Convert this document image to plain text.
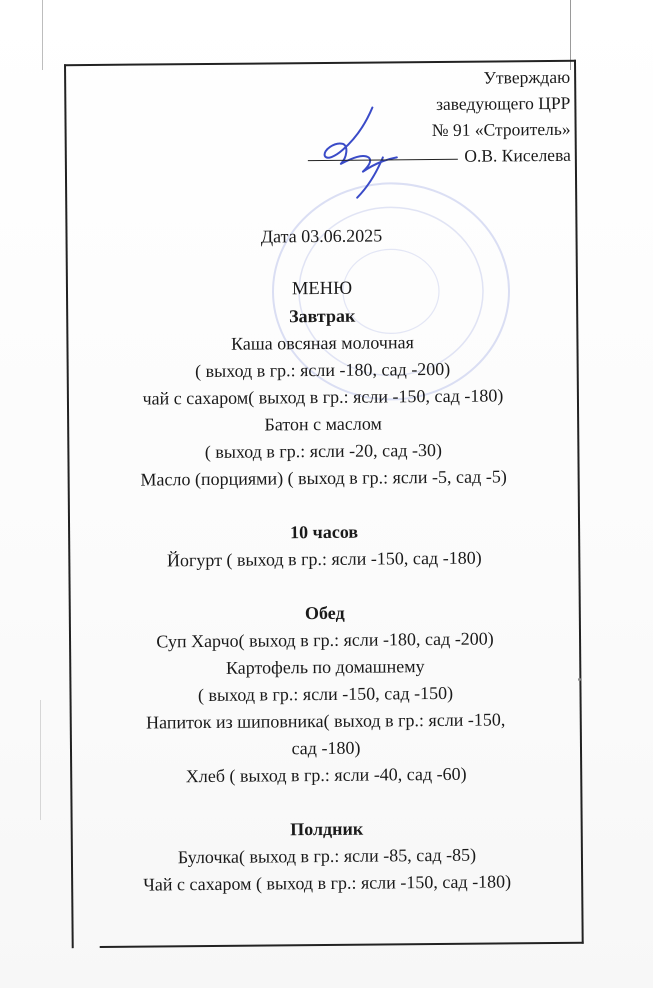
Утверждаю
заведующего ЦРР
№ 91 «Строитель»
О.В. Киселева
Дата 03.06.2025
МЕНЮ
Завтрак
Каша овсяная молочная
( выход в гр.: ясли -180, сад -200)
чай с сахаром( выход в гр.: ясли -150, сад -180)
Батон с маслом
( выход в гр.: ясли -20, сад -30)
Масло (порциями) ( выход в гр.: ясли -5, сад -5)
10 часов
Йогурт ( выход в гр.: ясли -150, сад -180)
Обед
Суп Харчо( выход в гр.: ясли -180, сад -200)
Картофель по домашнему
( выход в гр.: ясли -150, сад -150)
Напиток из шиповника( выход в гр.: ясли -150,
сад -180)
Хлеб ( выход в гр.: ясли -40, сад -60)
Полдник
Булочка( выход в гр.: ясли -85, сад -85)
Чай с сахаром ( выход в гр.: ясли -150, сад -180)
